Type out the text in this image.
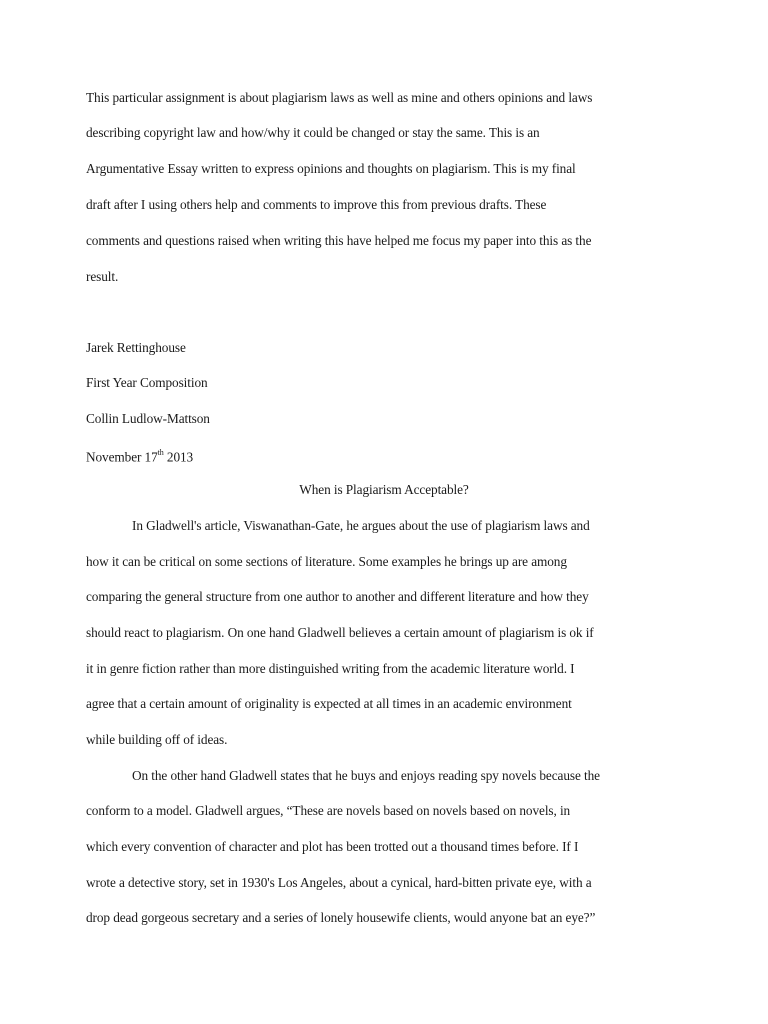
This particular assignment is about plagiarism laws as well as mine and others opinions and laws
describing copyright law and how/why it could be changed or stay the same. This is an
Argumentative Essay written to express opinions and thoughts on plagiarism. This is my final
draft after I using others help and comments to improve this from previous drafts. These
comments and questions raised when writing this have helped me focus my paper into this as the
result.
Jarek Rettinghouse
First Year Composition
Collin Ludlow-Mattson
November 17th 2013
When is Plagiarism Acceptable?
In Gladwell's article, Viswanathan-Gate, he argues about the use of plagiarism laws and
how it can be critical on some sections of literature. Some examples he brings up are among
comparing the general structure from one author to another and different literature and how they
should react to plagiarism. On one hand Gladwell believes a certain amount of plagiarism is ok if
it in genre fiction rather than more distinguished writing from the academic literature world. I
agree that a certain amount of originality is expected at all times in an academic environment
while building off of ideas.
On the other hand Gladwell states that he buys and enjoys reading spy novels because the
conform to a model. Gladwell argues, “These are novels based on novels based on novels, in
which every convention of character and plot has been trotted out a thousand times before. If I
wrote a detective story, set in 1930's Los Angeles, about a cynical, hard-bitten private eye, with a
drop dead gorgeous secretary and a series of lonely housewife clients, would anyone bat an eye?”
